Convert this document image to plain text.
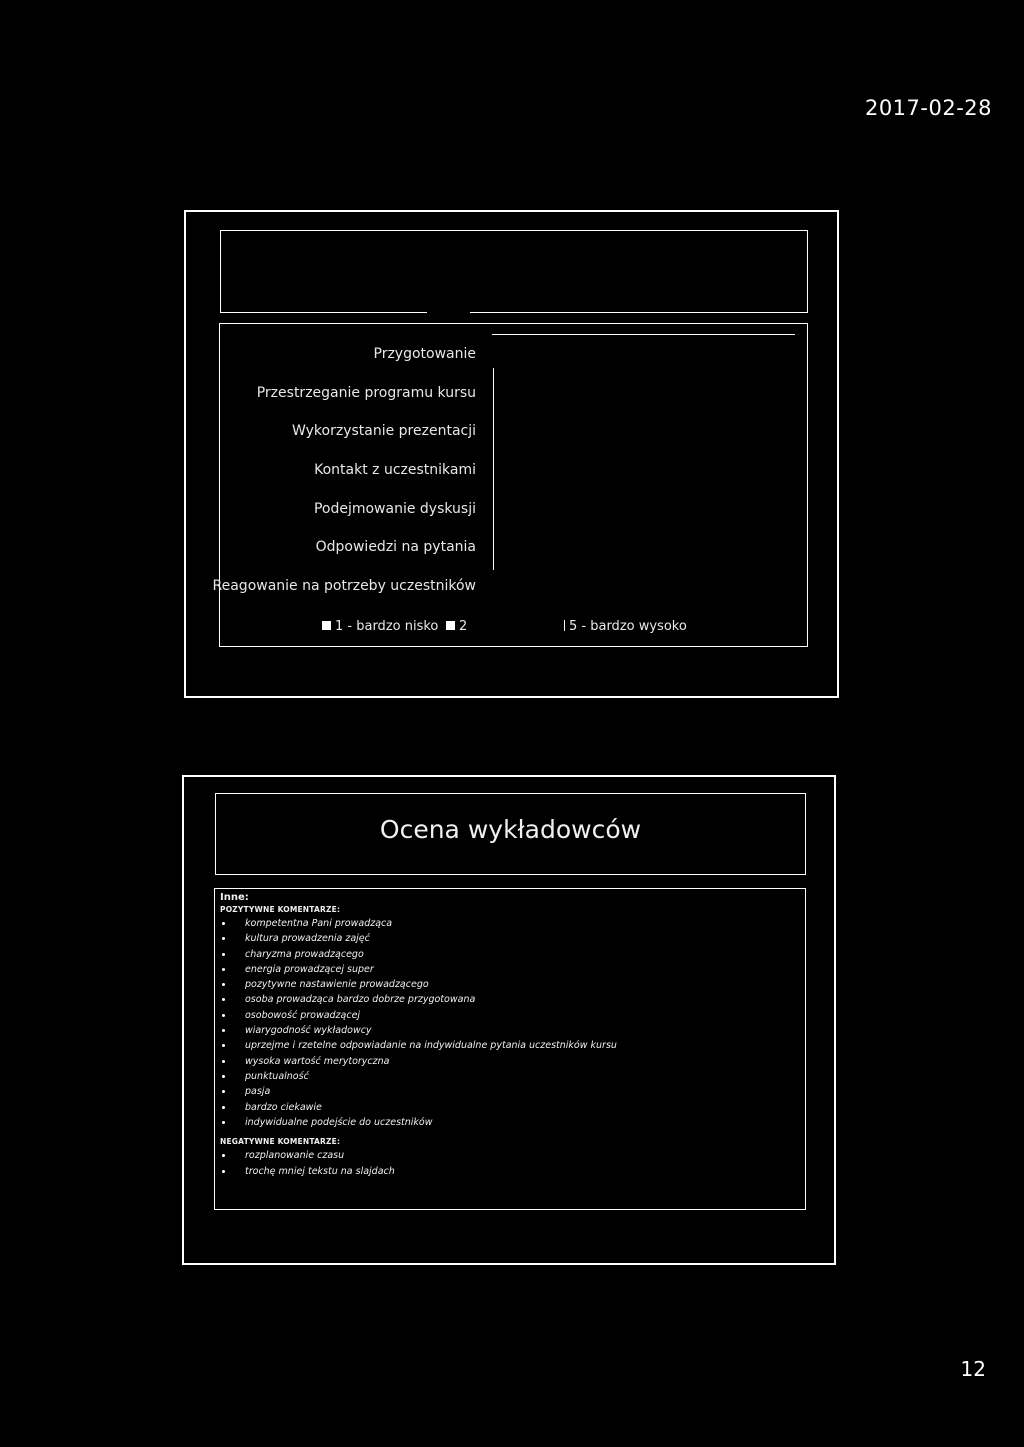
2017-02-28
Przygotowanie
Przestrzeganie programu kursu
Wykorzystanie prezentacji
Kontakt z uczestnikami
Podejmowanie dyskusji
Odpowiedzi na pytania
Reagowanie na potrzeby uczestników
1 - bardzo nisko	2	5 - bardzo wysoko
Ocena wykładowców
Inne:
POZYTYWNE KOMENTARZE:
kompetentna Pani prowadząca
kultura prowadzenia zajęć
charyzma prowadzącego
energia prowadzącej super
pozytywne nastawienie prowadzącego
osoba prowadząca bardzo dobrze przygotowana
osobowość prowadzącej
wiarygodność wykładowcy
uprzejme i rzetelne odpowiadanie na indywidualne pytania uczestników kursu
wysoka wartość merytoryczna
punktualność
pasja
bardzo ciekawie
indywidualne podejście do uczestników
NEGATYWNE KOMENTARZE:
rozplanowanie czasu
trochę mniej tekstu na slajdach
12
